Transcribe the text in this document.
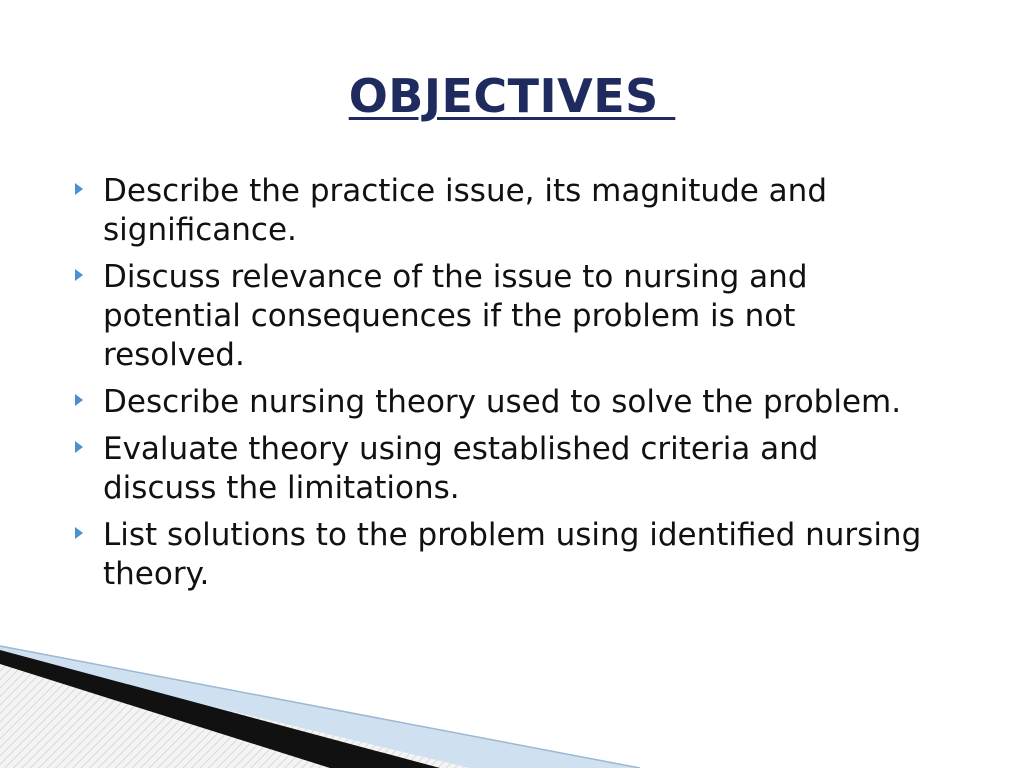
OBJECTIVES
Describe the practice issue, its magnitude and significance.
Discuss relevance of the issue to nursing and potential consequences if the problem is not resolved.
Describe nursing theory used to solve the problem.
Evaluate theory using established criteria and discuss the limitations.
List solutions to the problem using identified nursing theory.
